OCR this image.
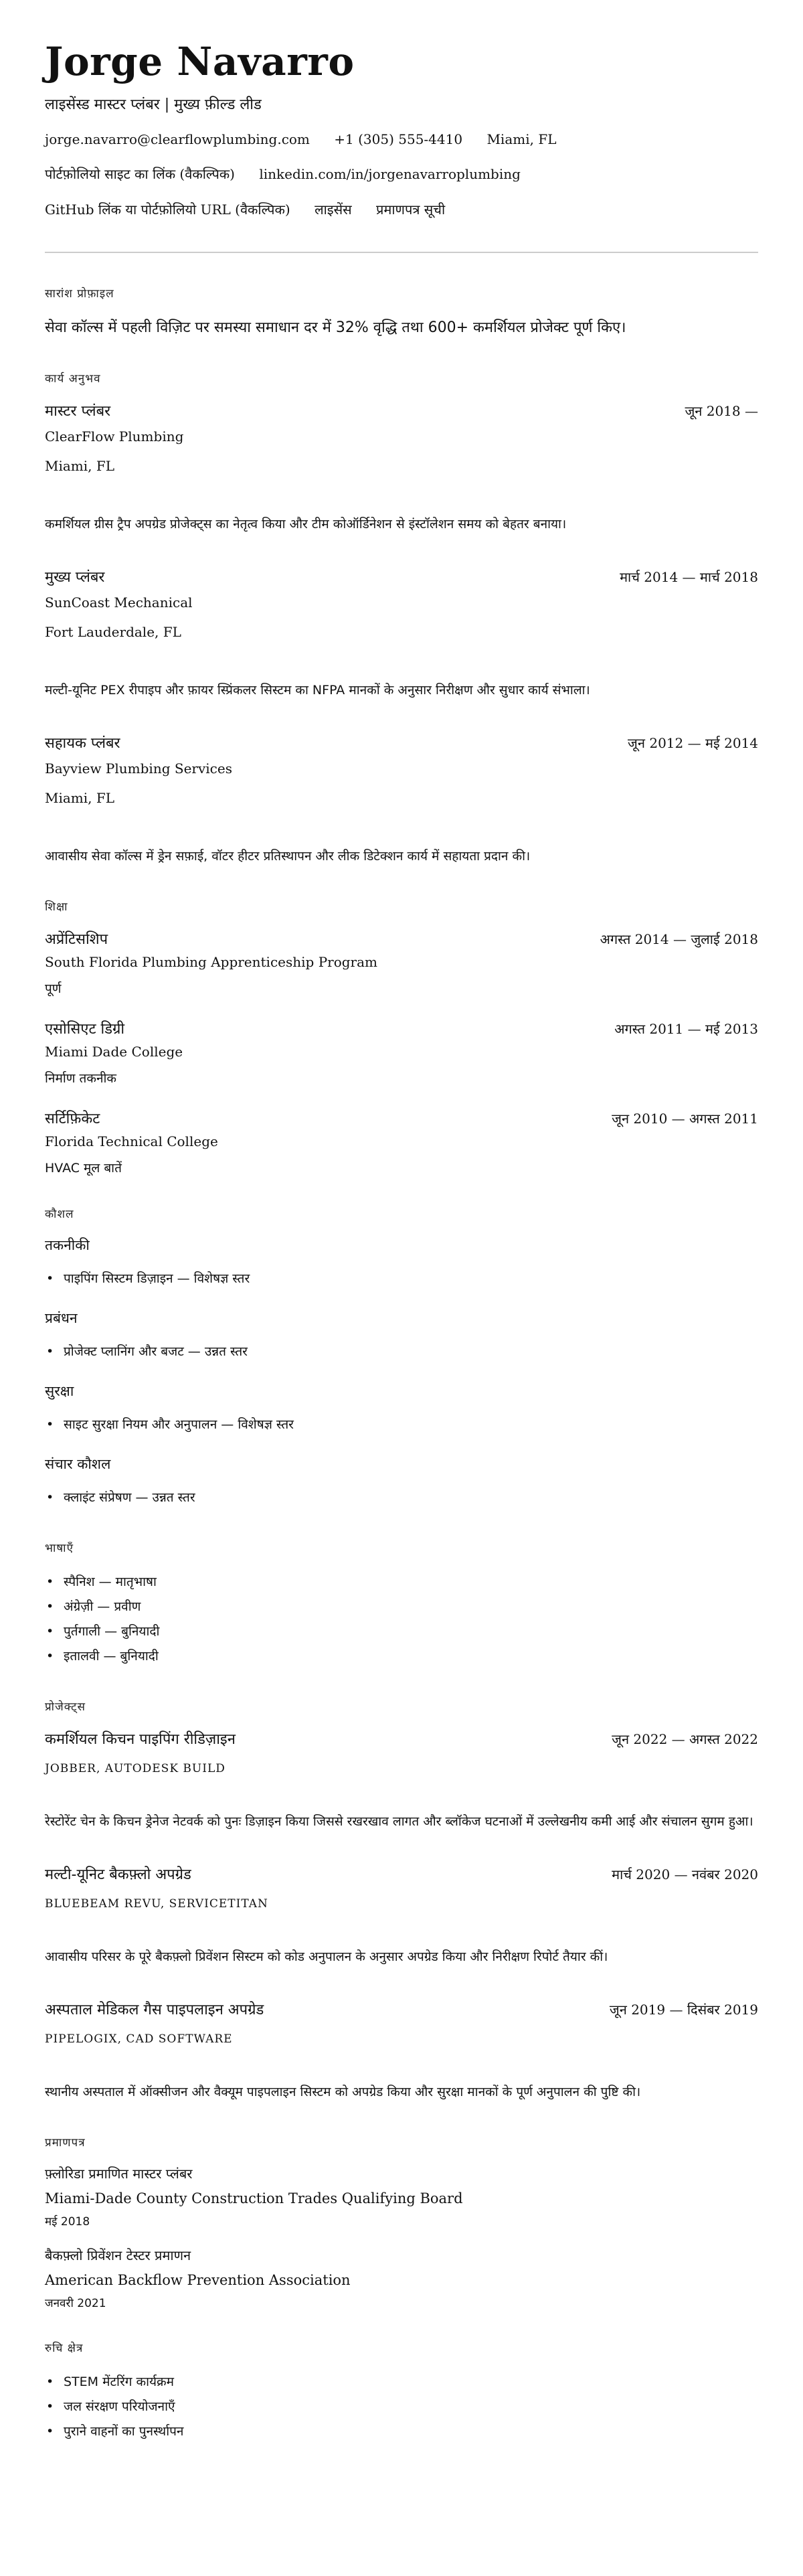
Jorge Navarro
लाइसेंस्ड मास्टर प्लंबर | मुख्य फ़ील्ड लीड
jorge.navarro@clearflowplumbing.com +1 (305) 555-4410 Miami, FL
पोर्टफ़ोलियो साइट का लिंक (वैकल्पिक) linkedin.com/in/jorgenavarroplumbing
GitHub लिंक या पोर्टफ़ोलियो URL (वैकल्पिक) लाइसेंस प्रमाणपत्र सूची
सारांश प्रोफ़ाइल
सेवा कॉल्स में पहली विज़िट पर समस्या समाधान दर में 32% वृद्धि तथा 600+ कमर्शियल प्रोजेक्ट पूर्ण किए।
कार्य अनुभव
मास्टर प्लंबर	जून 2018 —
ClearFlow Plumbing
Miami, FL
कमर्शियल ग्रीस ट्रैप अपग्रेड प्रोजेक्ट्स का नेतृत्व किया और टीम कोऑर्डिनेशन से इंस्टॉलेशन समय को बेहतर बनाया।
मुख्य प्लंबर	मार्च 2014 — मार्च 2018
SunCoast Mechanical
Fort Lauderdale, FL
मल्टी-यूनिट PEX रीपाइप और फ़ायर स्प्रिंकलर सिस्टम का NFPA मानकों के अनुसार निरीक्षण और सुधार कार्य संभाला।
सहायक प्लंबर	जून 2012 — मई 2014
Bayview Plumbing Services
Miami, FL
आवासीय सेवा कॉल्स में ड्रेन सफ़ाई, वॉटर हीटर प्रतिस्थापन और लीक डिटेक्शन कार्य में सहायता प्रदान की।
शिक्षा
अप्रेंटिसशिप	अगस्त 2014 — जुलाई 2018
South Florida Plumbing Apprenticeship Program
पूर्ण
एसोसिएट डिग्री	अगस्त 2011 — मई 2013
Miami Dade College
निर्माण तकनीक
सर्टिफ़िकेट	जून 2010 — अगस्त 2011
Florida Technical College
HVAC मूल बातें
कौशल
तकनीकी
• पाइपिंग सिस्टम डिज़ाइन — विशेषज्ञ स्तर
प्रबंधन
• प्रोजेक्ट प्लानिंग और बजट — उन्नत स्तर
सुरक्षा
• साइट सुरक्षा नियम और अनुपालन — विशेषज्ञ स्तर
संचार कौशल
• क्लाइंट संप्रेषण — उन्नत स्तर
भाषाएँ
• स्पैनिश — मातृभाषा
• अंग्रेज़ी — प्रवीण
• पुर्तगाली — बुनियादी
• इतालवी — बुनियादी
प्रोजेक्ट्स
कमर्शियल किचन पाइपिंग रीडिज़ाइन	जून 2022 — अगस्त 2022
JOBBER, AUTODESK BUILD
रेस्टोरेंट चेन के किचन ड्रेनेज नेटवर्क को पुनः डिज़ाइन किया जिससे रखरखाव लागत और ब्लॉकेज घटनाओं में उल्लेखनीय कमी आई और संचालन सुगम हुआ।
मल्टी-यूनिट बैकफ़्लो अपग्रेड	मार्च 2020 — नवंबर 2020
BLUEBEAM REVU, SERVICETITAN
आवासीय परिसर के पूरे बैकफ़्लो प्रिवेंशन सिस्टम को कोड अनुपालन के अनुसार अपग्रेड किया और निरीक्षण रिपोर्ट तैयार कीं।
अस्पताल मेडिकल गैस पाइपलाइन अपग्रेड	जून 2019 — दिसंबर 2019
PIPELOGIX, CAD SOFTWARE
स्थानीय अस्पताल में ऑक्सीजन और वैक्यूम पाइपलाइन सिस्टम को अपग्रेड किया और सुरक्षा मानकों के पूर्ण अनुपालन की पुष्टि की।
प्रमाणपत्र
फ़्लोरिडा प्रमाणित मास्टर प्लंबर
Miami-Dade County Construction Trades Qualifying Board
मई 2018
बैकफ़्लो प्रिवेंशन टेस्टर प्रमाणन
American Backflow Prevention Association
जनवरी 2021
रुचि क्षेत्र
• STEM मेंटरिंग कार्यक्रम
• जल संरक्षण परियोजनाएँ
• पुराने वाहनों का पुनर्स्थापन
